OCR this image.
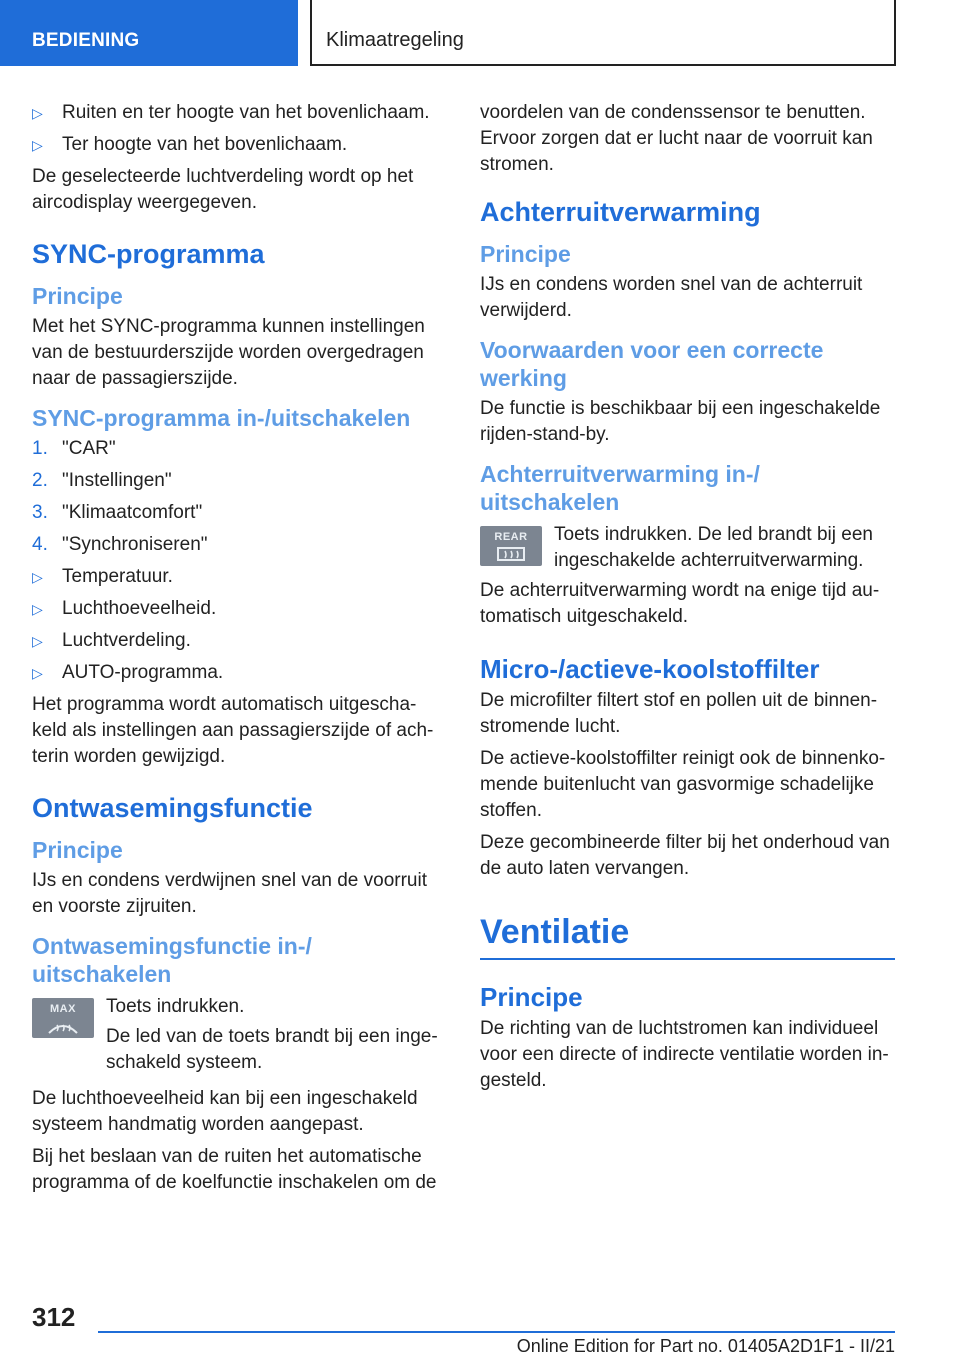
BEDIENING	Klimaatregeling
▷ Ruiten en ter hoogte van het bovenlichaam.
▷ Ter hoogte van het bovenlichaam.

De geselecteerde luchtverdeling wordt op het aircodisplay weergegeven.

SYNC-programma
Principe

Met het SYNC-programma kunnen instellingen van de bestuurderszijde worden overgedragen naar de passagierszijde.

SYNC-programma in-/uitschakelen
1. "CAR"
2. "Instellingen"
3. "Klimaatcomfort"
4. "Synchroniseren"
▷ Temperatuur.
▷ Luchthoeveelheid.
▷ Luchtverdeling.
▷ AUTO-programma.

Het programma wordt automatisch uitgescha-keld als instellingen aan passagierszijde of ach-terin worden gewijzigd.

Ontwasemingsfunctie
Principe

IJs en condens verdwijnen snel van de voorruit en voorste zijruiten.

Ontwasemingsfunctie in-/ uitschakelen
MAX	Toets indrukken.

De led van de toets brandt bij een inge-schakeld systeem.

De luchthoeveelheid kan bij een ingeschakeld systeem handmatig worden aangepast.

Bij het beslaan van de ruiten het automatische programma of de koelfunctie inschakelen om de

voordelen van de condenssensor te benutten. Ervoor zorgen dat er lucht naar de voorruit kan stromen.

Achterruitverwarming
Principe

IJs en condens worden snel van de achterruit verwijderd.

Voorwaarden voor een correcte werking

De functie is beschikbaar bij een ingeschakelde rijden-stand-by.

Achterruitverwarming in-/ uitschakelen
REAR	Toets indrukken. De led brandt bij een ingeschakelde achterruitverwarming.

De achterruitverwarming wordt na enige tijd au-tomatisch uitgeschakeld.

Micro-/actieve-koolstoffilter

De microfilter filtert stof en pollen uit de binnen-stromende lucht.

De actieve-koolstoffilter reinigt ook de binnenko-mende buitenlucht van gasvormige schadelijke stoffen.

Deze gecombineerde filter bij het onderhoud van de auto laten vervangen.

Ventilatie
Principe

De richting van de luchtstromen kan individueel voor een directe of indirecte ventilatie worden in-gesteld.

312
Online Edition for Part no. 01405A2D1F1 - II/21
